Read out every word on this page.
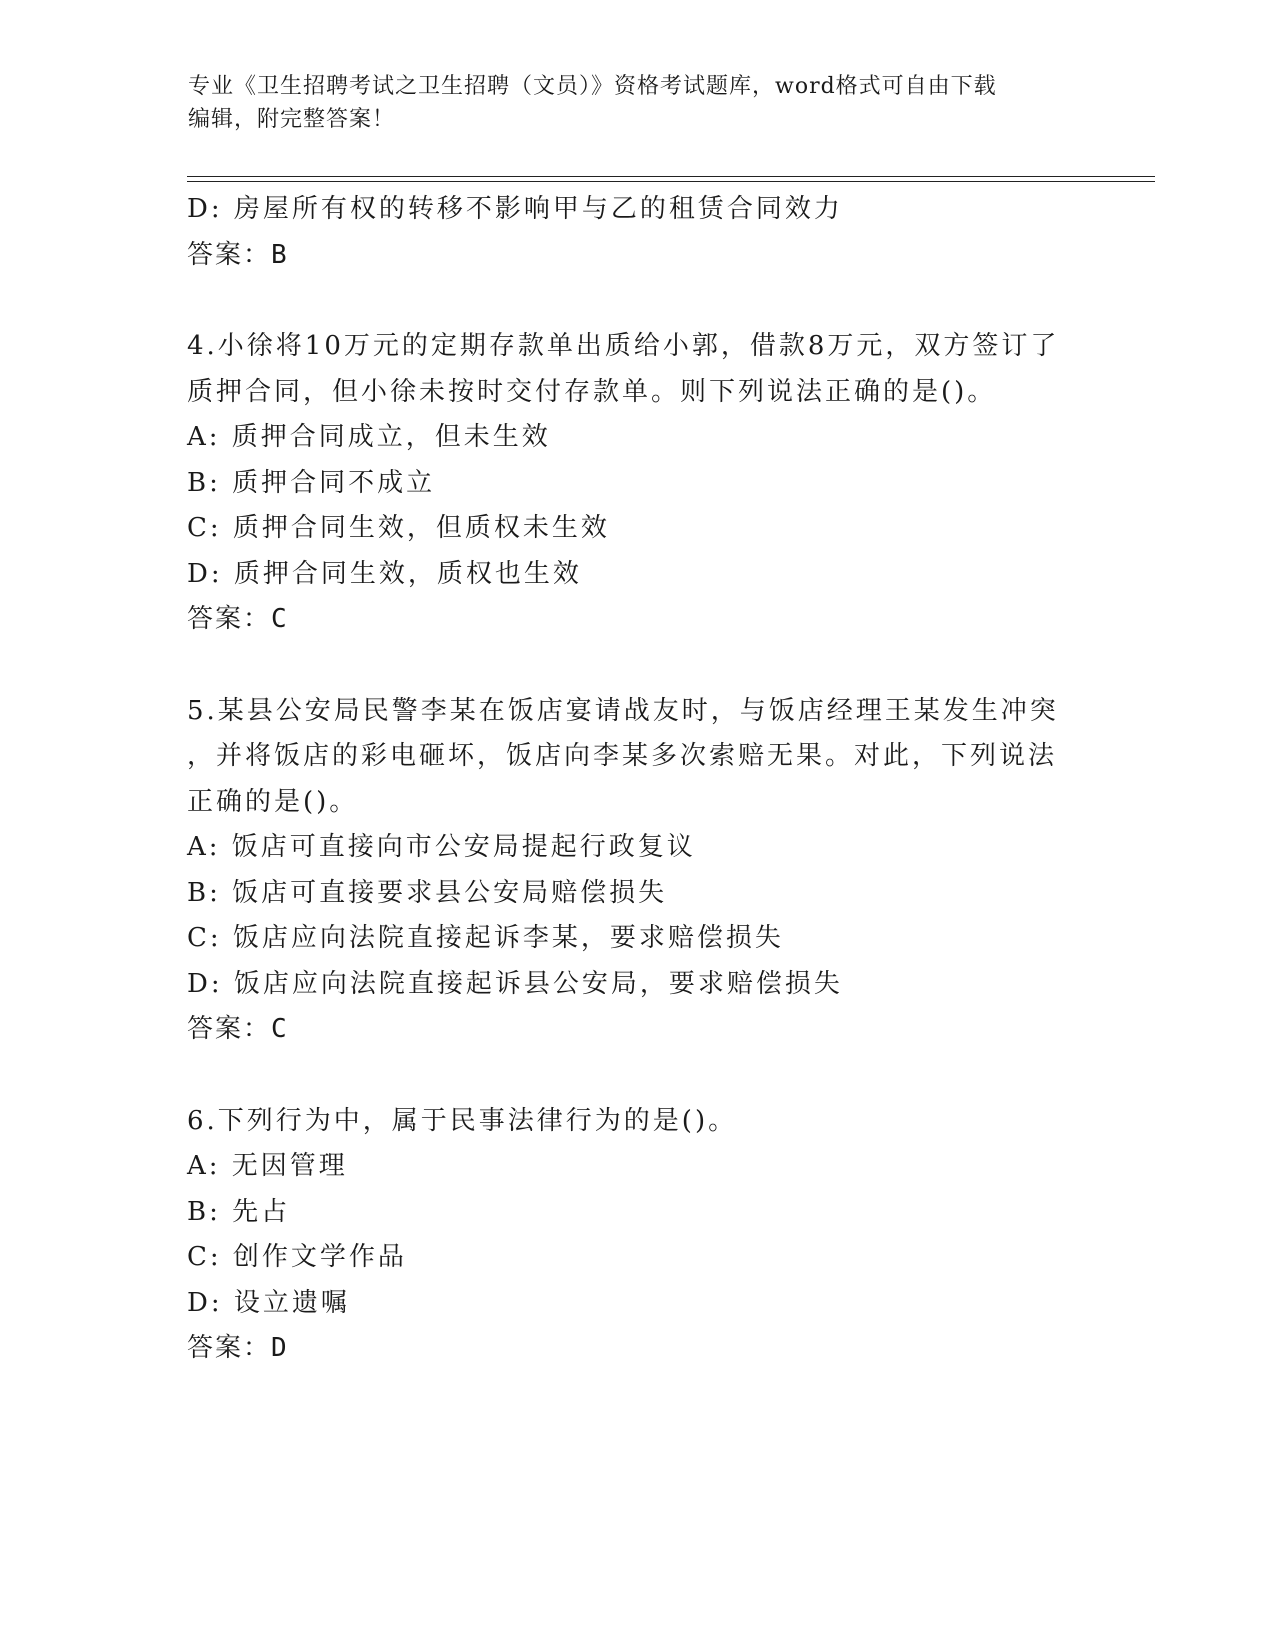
专业《卫生招聘考试之卫生招聘（文员）》资格考试题库，word格式可自由下载
编辑，附完整答案！
D: 房屋所有权的转移不影响甲与乙的租赁合同效力
答案：B
4.小徐将10万元的定期存款单出质给小郭，借款8万元，双方签订了
质押合同，但小徐未按时交付存款单。则下列说法正确的是()。
A: 质押合同成立，但未生效
B: 质押合同不成立
C: 质押合同生效，但质权未生效
D: 质押合同生效，质权也生效
答案：C
5.某县公安局民警李某在饭店宴请战友时，与饭店经理王某发生冲突
，并将饭店的彩电砸坏，饭店向李某多次索赔无果。对此，下列说法
正确的是()。
A: 饭店可直接向市公安局提起行政复议
B: 饭店可直接要求县公安局赔偿损失
C: 饭店应向法院直接起诉李某，要求赔偿损失
D: 饭店应向法院直接起诉县公安局，要求赔偿损失
答案：C
6.下列行为中，属于民事法律行为的是()。
A: 无因管理
B: 先占
C: 创作文学作品
D: 设立遗嘱
答案：D
